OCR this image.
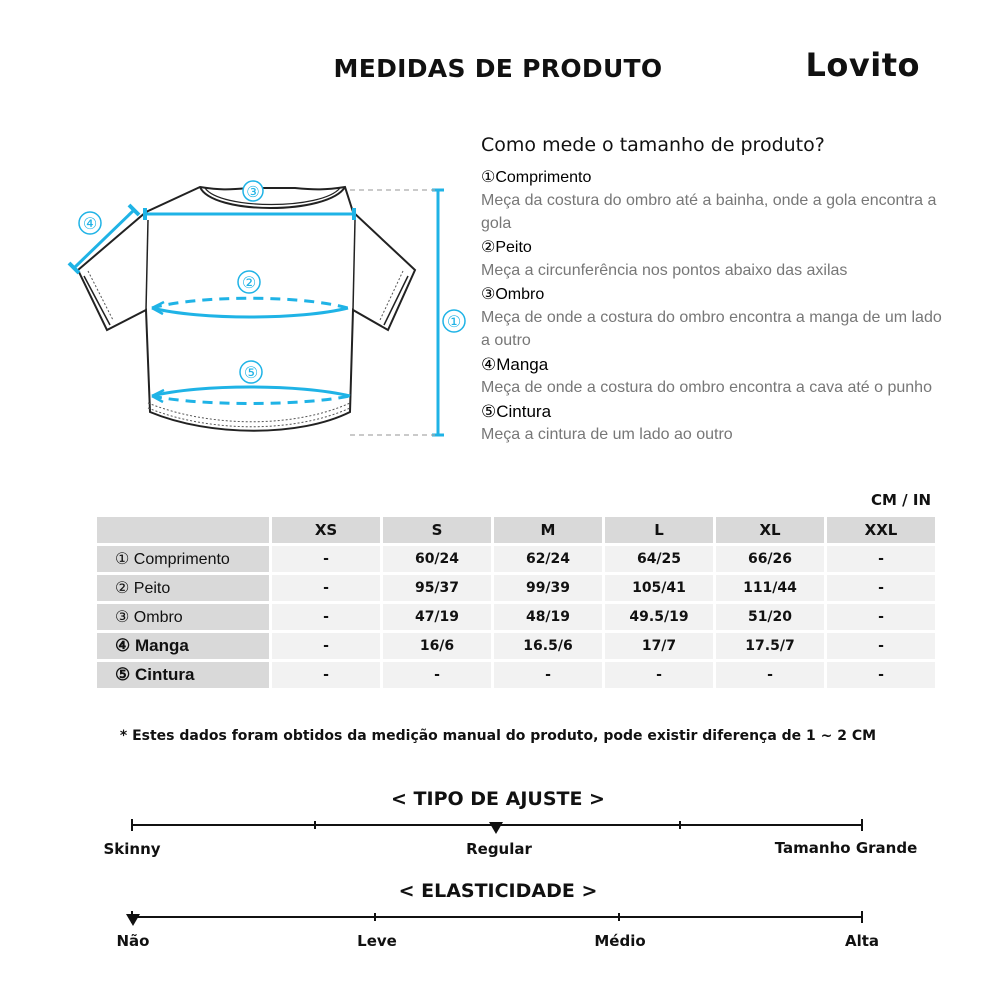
MEDIDAS DE PRODUTO	Lovito
③
④
②
⑤
①
Como mede o tamanho de produto?
①Comprimento
Meça da costura do ombro até a bainha, onde a gola encontra a gola
②Peito
Meça a circunferência nos pontos abaixo das axilas
③Ombro
Meça de onde a costura do ombro encontra a manga de um lado a outro
④Manga
Meça de onde a costura do ombro encontra a cava até o punho
⑤Cintura
Meça a cintura de um lado ao outro
CM / IN
	XS	S	M	L	XL	XXL
① Comprimento	-	60/24	62/24	64/25	66/26	-
② Peito	-	95/37	99/39	105/41	111/44	-
③ Ombro	-	47/19	48/19	49.5/19	51/20	-
④ Manga	-	16/6	16.5/6	17/7	17.5/7	-
⑤ Cintura	-	-	-	-	-	-
* Estes dados foram obtidos da medição manual do produto, pode existir diferença de 1 ~ 2 CM
< TIPO DE AJUSTE >
Skinny	Regular	Tamanho Grande
< ELASTICIDADE >
Não	Leve	Médio	Alta
